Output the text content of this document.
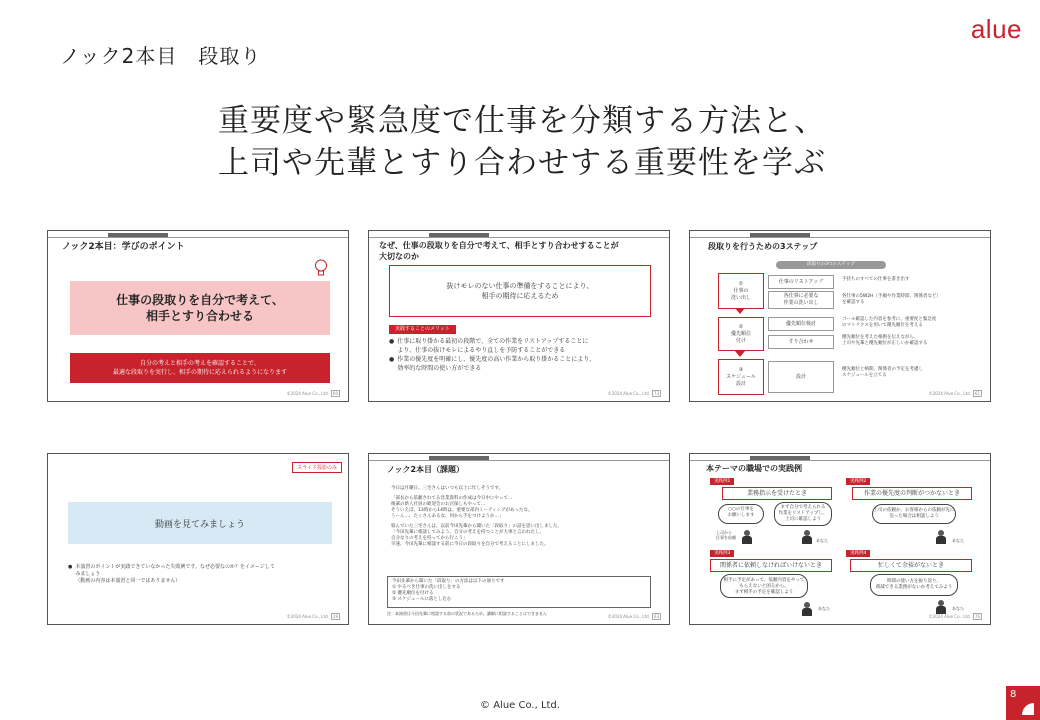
ノック2本目　段取り
alue
重要度や緊急度で仕事を分類する方法と、
上司や先輩とすり合わせする重要性を学ぶ
ノック2本目：学びのポイント
仕事の段取りを自分で考えて、
相手とすり合わせる
自分の考えと相手の考えを確認することで、
最適な段取りを実行し、相手の期待に応えられるようになります
©2024 Alue Co., Ltd. 60
なぜ、仕事の段取りを自分で考えて、相手とすり合わせすることが
大切なのか
抜けモレのない仕事の準備をすることにより、
相手の期待に応えるため
実践することのメリット
● 仕事に取り掛かる最初の段階で、全ての作業をリストアップすることに
より、仕事の抜けモレによるやり直しを予防することができる
● 作業の優先度を明確にし、優先度の高い作業から取り掛かることにより、
効率的な時間の使い方ができる
©2024 Alue Co., Ltd. 73
段取りを行うための3ステップ
段取りの3つのステップ
①
仕事の
洗い出し
②
優先順位
付け
③
スケジュール
設計
仕事のリストアップ
各仕事に必要な
作業の洗い出し
優先順位検討
すり合わせ
設計
手持ちのすべての仕事を書き出す
各仕事の5W2H（手順や作業時間、関係者など）
を確認する
ゴール確認した内容を参考に、重要度と緊急度
のマトリクスを用いて優先順位を考える
優先順位を考えた根拠を伝えながら、
上司や先輩と優先順位が正しいか確認する
優先順位と納期、関係者の予定を考慮し
スケジュールを立てる
©2024 Alue Co., Ltd. 61
スライド投影のみ
動画を見てみましょう
● 本演習のポイントが実践できていなかった失敗例です。なぜ必要なのか？をイメージして
みましょう
（動画の内容は本演習と同一ではありません）
©2024 Alue Co., Ltd. 29
ノック2本目（課題）
今日は月曜日。三宅さんはいつも以上に忙しそうです。
「部長から依頼されてる営業資料の作成は今日中にやって…
後輩の新人社員の歓迎会のお店探しもやって…
そういえば、13時から14時は、重要な部内ミーティングがあったな。
うーん…、たくさんあるな。何から手をつけようか…」
悩んでいた三宅さんは、以前今田先輩から聞いた「段取り」の話を思い出しました。
「今田先輩に相談してみよう。自分の考えを持つことが大事と言われたし、
自分なりの考えを持ってから行こう」
早速、今田先輩に相談する前に今日の段取りを自分で考えることにしました。
今田先輩から聞いた「段取り」の方法は以下の通りです
① やるべき仕事の洗い出しをする
② 優先順位を付ける
③ スケジュールに落とし込む
注：本演習は今田先輩に相談する前の状況であるため、講師に相談することはできません
©2024 Alue Co., Ltd. 63
本テーマの職場での実践例
実践例1
業務指示を受けたとき
○○の仕事を
お願いします
まず自分で考えられる
作業をリストアップし、
上司に確認しよう
上司から
仕事を依頼
あなた
実践例2
作業の優先度の判断がつかないとき
上司の依頼か、お客様からの依頼が先に
迫った場合は相談しよう
あなた
実践例3
関係者に依頼しなければいけないとき
相手に予定があって、依頼内容をやって
もらえないと困るから、
まず相手の予定を確認しよう
あなた
実践例4
忙しくて余裕がないとき
時間の使い方を振り返り、
削減できる業務がないか考えてみよう
あなた
©2024 Alue Co., Ltd. 76
© Alue Co., Ltd.
8
